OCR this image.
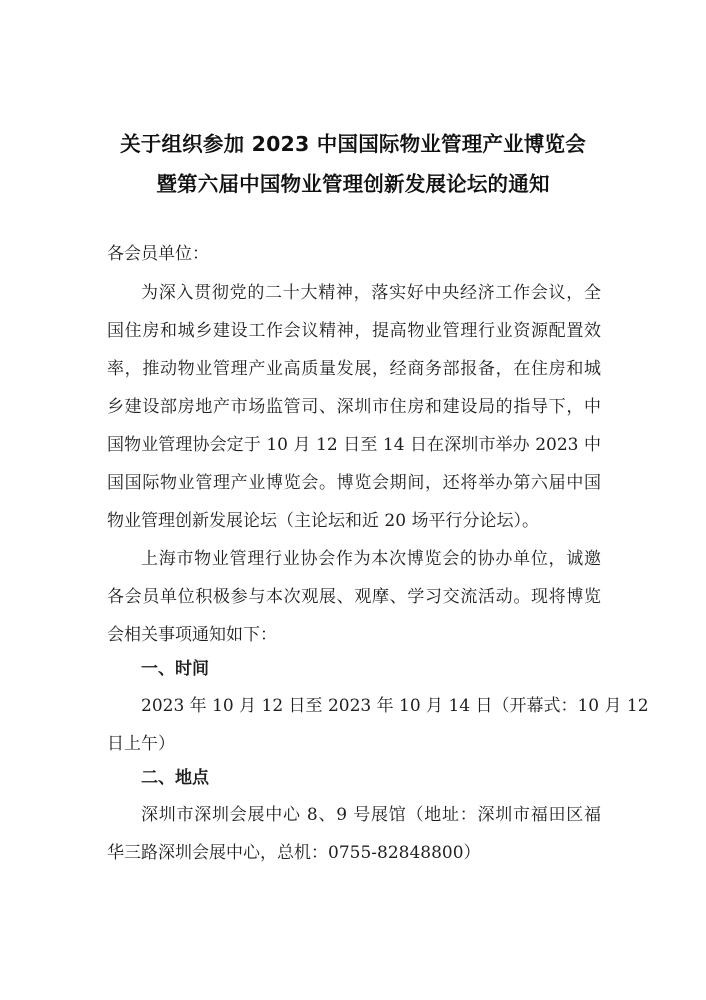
关于组织参加 2023 中国国际物业管理产业博览会
暨第六届中国物业管理创新发展论坛的通知
各会员单位：
为深入贯彻党的二十大精神，落实好中央经济工作会议，全
国住房和城乡建设工作会议精神，提高物业管理行业资源配置效
率，推动物业管理产业高质量发展，经商务部报备，在住房和城
乡建设部房地产市场监管司、深圳市住房和建设局的指导下，中
国物业管理协会定于 10 月 12 日至 14 日在深圳市举办 2023 中
国国际物业管理产业博览会。博览会期间，还将举办第六届中国
物业管理创新发展论坛（主论坛和近 20 场平行分论坛）。
上海市物业管理行业协会作为本次博览会的协办单位，诚邀
各会员单位积极参与本次观展、观摩、学习交流活动。现将博览
会相关事项通知如下：
一、时间
2023 年 10 月 12 日至 2023 年 10 月 14 日（开幕式：10 月 12
日上午）
二、地点
深圳市深圳会展中心 8、9 号展馆（地址：深圳市福田区福
华三路深圳会展中心，总机：0755-82848800）
